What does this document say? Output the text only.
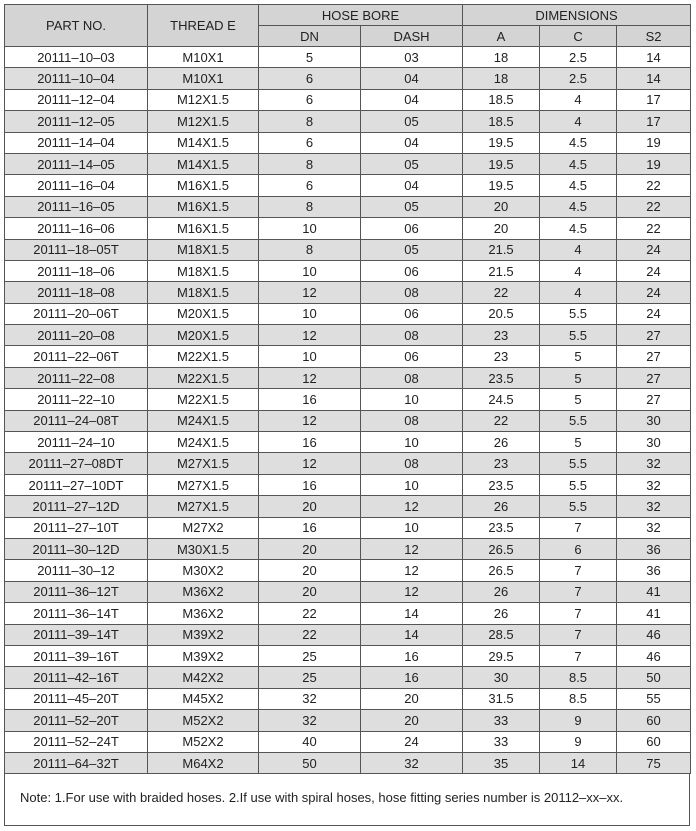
PART NO.	THREAD E	HOSE BORE		DIMENSIONS		
		DN	DASH	A	C	S2
20111–10–03	M10X1	5	03	18	2.5	14
20111–10–04	M10X1	6	04	18	2.5	14
20111–12–04	M12X1.5	6	04	18.5	4	17
20111–12–05	M12X1.5	8	05	18.5	4	17
20111–14–04	M14X1.5	6	04	19.5	4.5	19
20111–14–05	M14X1.5	8	05	19.5	4.5	19
20111–16–04	M16X1.5	6	04	19.5	4.5	22
20111–16–05	M16X1.5	8	05	20	4.5	22
20111–16–06	M16X1.5	10	06	20	4.5	22
20111–18–05T	M18X1.5	8	05	21.5	4	24
20111–18–06	M18X1.5	10	06	21.5	4	24
20111–18–08	M18X1.5	12	08	22	4	24
20111–20–06T	M20X1.5	10	06	20.5	5.5	24
20111–20–08	M20X1.5	12	08	23	5.5	27
20111–22–06T	M22X1.5	10	06	23	5	27
20111–22–08	M22X1.5	12	08	23.5	5	27
20111–22–10	M22X1.5	16	10	24.5	5	27
20111–24–08T	M24X1.5	12	08	22	5.5	30
20111–24–10	M24X1.5	16	10	26	5	30
20111–27–08DT	M27X1.5	12	08	23	5.5	32
20111–27–10DT	M27X1.5	16	10	23.5	5.5	32
20111–27–12D	M27X1.5	20	12	26	5.5	32
20111–27–10T	M27X2	16	10	23.5	7	32
20111–30–12D	M30X1.5	20	12	26.5	6	36
20111–30–12	M30X2	20	12	26.5	7	36
20111–36–12T	M36X2	20	12	26	7	41
20111–36–14T	M36X2	22	14	26	7	41
20111–39–14T	M39X2	22	14	28.5	7	46
20111–39–16T	M39X2	25	16	29.5	7	46
20111–42–16T	M42X2	25	16	30	8.5	50
20111–45–20T	M45X2	32	20	31.5	8.5	55
20111–52–20T	M52X2	32	20	33	9	60
20111–52–24T	M52X2	40	24	33	9	60
20111–64–32T	M64X2	50	32	35	14	75
Note: 1.For use with braided hoses. 2.If use with spiral hoses, hose fitting series number is 20112–xx–xx.
